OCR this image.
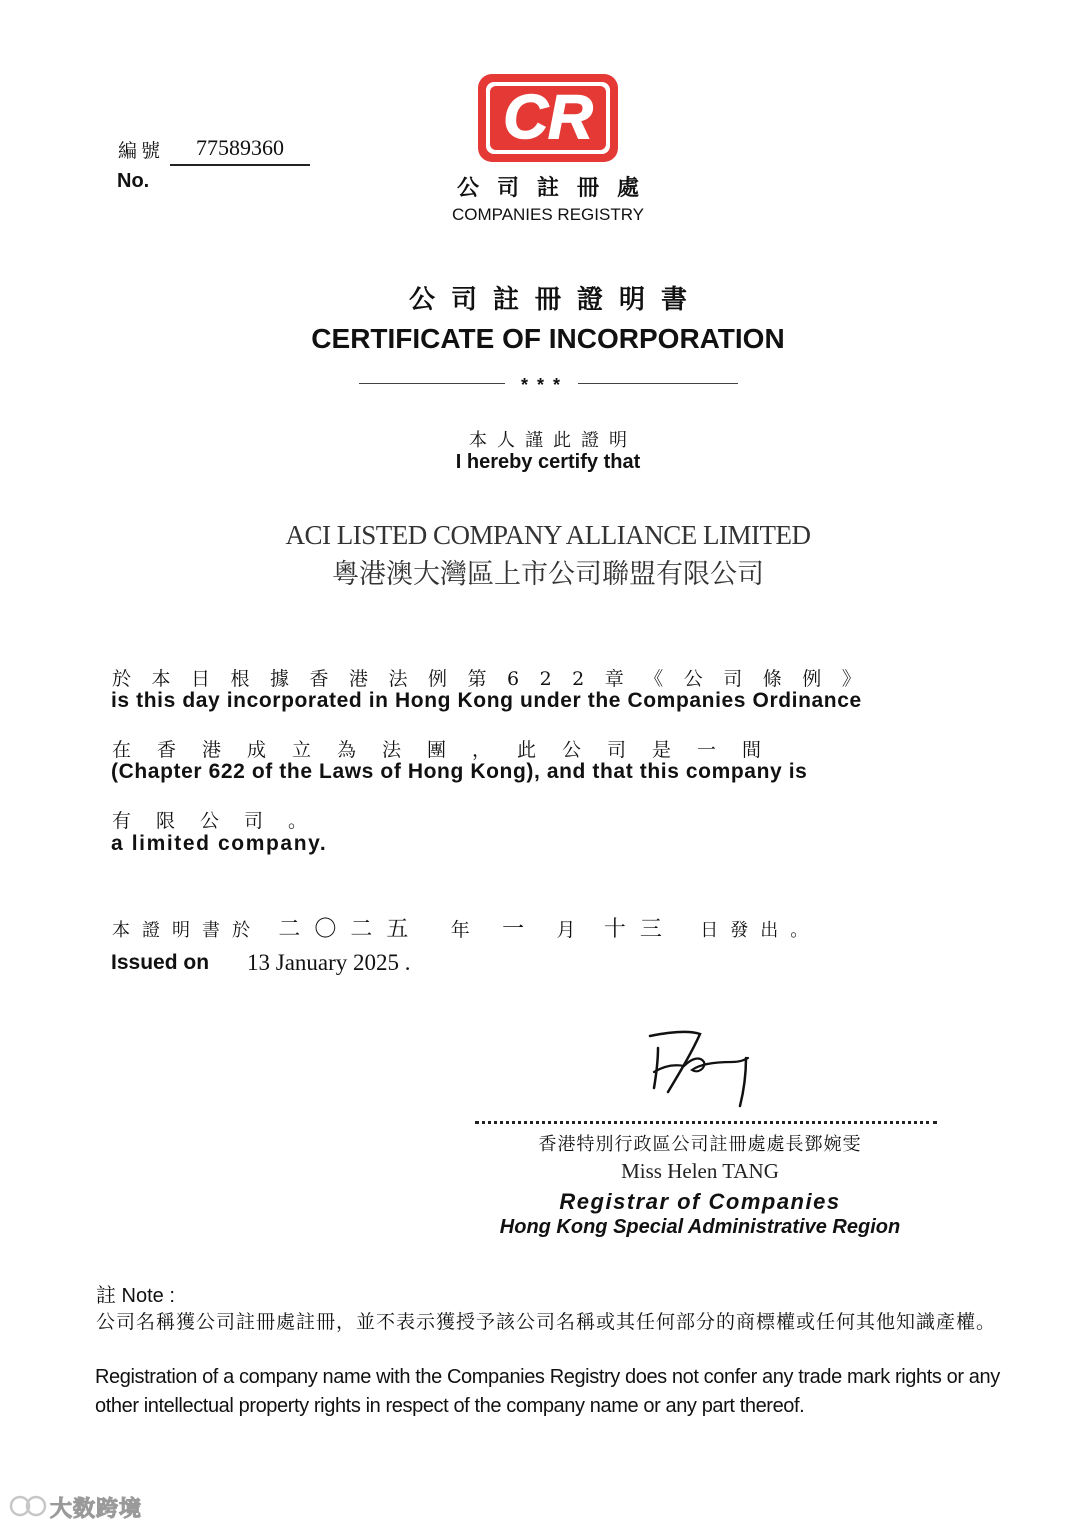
編號	77589360
No.
CR
公司註冊處
COMPANIES REGISTRY
公司註冊證明書
CERTIFICATE OF INCORPORATION
* * *
本人謹此證明
I hereby certify that
ACI LISTED COMPANY ALLIANCE LIMITED
粵港澳大灣區上市公司聯盟有限公司
於本日根據香港法例第622章《公司條例》
is this day incorporated in Hong Kong under the Companies Ordinance
在香港成立為法團，此公司是一間
(Chapter 622 of the Laws of Hong Kong), and that this company is
有限公司。
a limited company.
本證明書於 二〇二五 年 一 月 十三 日發出。
Issued on 13 January 2025 .
香港特別行政區公司註冊處處長鄧婉雯
Miss Helen TANG
Registrar of Companies
Hong Kong Special Administrative Region
註 Note :
公司名稱獲公司註冊處註冊，並不表示獲授予該公司名稱或其任何部分的商標權或任何其他知識產權。
Registration of a company name with the Companies Registry does not confer any trade mark rights or any other intellectual property rights in respect of the company name or any part thereof.
大数跨境
